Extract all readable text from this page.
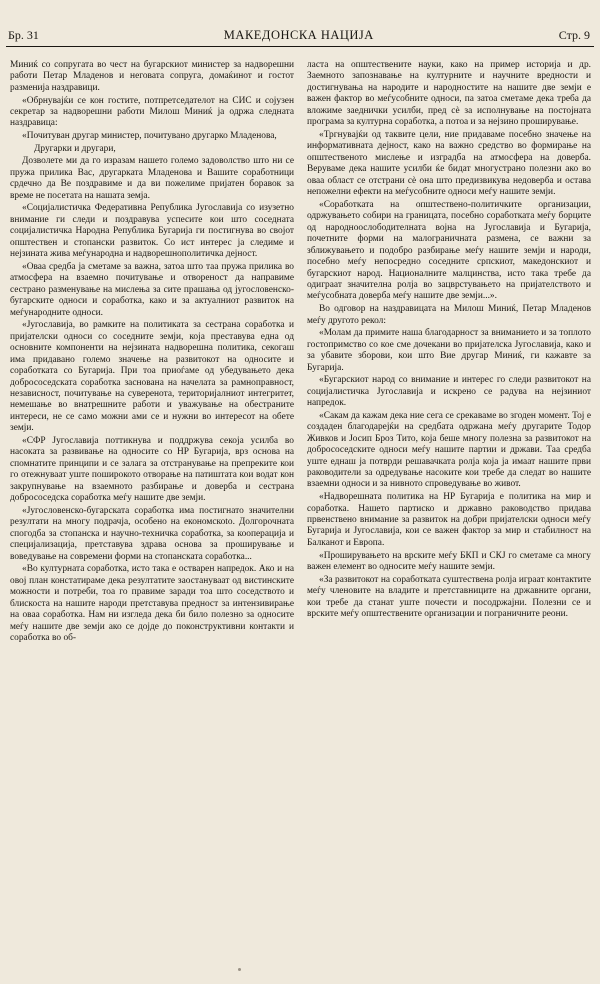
Бр. 31	МАКЕДОНСКА НАЦИЈА	Стр. 9

Миниќ со сопругата во чест на бугарскиот министер за надворешни работи Петар Младенов и неговата сопруга, домаќинот и гостот разменија наздравици.

«Обрнувајќи се кон гостите, потпретседателот на СИС и сојузен секретар за надворешни работи Милош Миниќ ја одржа следната наздравица:

«Почитуван другар министер, почитувано другарко Младенова,

Другарки и другари,

Дозволете ми да го изразам нашето големо задоволство што ни се пружа прилика Вас, другарката Младенова и Вашите соработници срдечно да Ве поздравиме и да ви пожелиме пријатен боравок за време не посетата на нашата земја.

«Социјалистичка Федеративна Република Југославија со изузетно внимание ги следи и поздравува успесите кои што соседната социјалистичка Народна Република Бугарија ги постигнува во својот општествен и стопански развиток. Со ист интерес ја следиме и нејзината жива меѓународна и надворешнополитичка дејност.

«Оваа средба ја сметаме за важна, затоа што таа пружа прилика во атмосфера на взаемно почитување и отвореност да направиме сестрано разменување на мислења за сите прашања од југословенско-бугарските односи и соработка, како и за актуалниот развиток на меѓународните односи.

«Југославија, во рамките на политиката за сестрана соработка и пријателски односи со соседните земји, која преставува една од основните компоненти на нејзината надворешна политика, секогаш има придавано големо значење на развитокот на односите и соработката со Бугарија. При тоа приоѓаме од убедувањето дека добрососедската соработка заснована на начелата за рамноправност, независност, почитување на суверенота, територијалниот интегритет, немешање во внатрешните работи и уважување на обестраните интереси, не се само можни ами се и нужни во интересот на обете земји.

«СФР Југославија поттикнува и поддржува секоја усилба во насоката за развивање на односите со НР Бугарија, врз основа на спомнатите принципи и се залага за отстранување на препреките кои го отежнуваат уште поширокото отворање на патиштата кои водат кон закрупнување на взаемното разбирање и доверба и сестрана добрососедска соработка меѓу нашите две земји.

«Југословенско-бугарската соработка има постигнато значителни резултати на многу подрачја, особено на економскоto. Долгорочната спогодба за стопанска и научно-техничка соработка, за кооперација и специјализација, претставува здрава основа за проширување и воведување на современи форми на стопанската соработка...

«Во културната соработка, исто така е остварен напредок. Ако и на овој план констатираме дека резултатите заостануваат од вистинските можности и потреби, тоа го правиме заради тоа што соседството и блискоста на нашите народи претставува предност за интензивирање на оваа соработка. Нам ни изгледа дека би било полезно за односите меѓу нашите две земји ако се дојде до поконструктивни контакти и соработка во об-

ласта на општествените науки, како на пример историја и др. Заемното запознавање на културните и научните вредности и достигнувања на народите и народностите на нашите две земји е важен фактор во меѓусобните односи, па затоа сметаме дека треба да вложиме заеднички усилби, пред сè за исполнување на постојната програма за културна соработка, а потоа и за нејзино проширување.

«Тргнувајќи од таквите цели, ние придаваме посебно значење на информативната дејност, како на важно средство во формирање на општественото мислење и изградба на атмосфера на доверба. Веруваме дека нашите усилби ќе бидат многустрано полезни ако во оваа област се отстрани сè она што предизвикува недоверба и остава непожелни ефекти на меѓусобните односи меѓу нашите земји.

«Соработката на општествено-политичките организации, одржувањето собири на границата, посебно соработката меѓу борците од народноослободителната војна на Југославија и Бугарија, почетните форми на малограничната размена, се важни за зближувањето и подобро разбирање меѓу нашите земји и народи, посебно меѓу непосредно соседните српскиот, македонскиот и бугарскиот народ. Националните малцинства, исто така требе да одиграат значителна ролја во зацврстувањето на пријателството и меѓусобната доверба меѓу нашите две земји...».

Во одговор на наздравицата на Милош Миниќ, Петар Младенов меѓу другото рекол:

«Молам да примите наша благодарност за вниманието и за топлото гостопримство со кое сме дочекани во пријателска Југославија, како и за убавите зборови, кои што Вие другар Миниќ, ги кажавте за Бугарија.

«Бугарскиот народ со внимание и интерес го следи развитокот на социјалистичка Југославија и искрено се радува на нејзиниот напредок.

«Сакам да кажам дека ние сега се срекаваме во згоден момент. Тој е создаден благодарејќи на средбата одржана меѓу другарите Тодор Живков и Јосип Броз Тито, која беше многу полезна за развитокот на добрососедските односи меѓу нашите партии и држави. Таа средба уште еднаш ја потврди решавачката ролја која ја имаат нашите први раководители за одредување насоките кои требе да следат во нашите взаемни односи и за нивното спроведување во живот.

«Надворешната политика на НР Бугарија е политика на мир и соработка. Нашето партиско и државно раководство придава првенствено внимание за развиток на добри пријателски односи меѓу Бугарија и Југославија, кои се важен фактор за мир и стабилност на Балканот и Европа.

«Проширувањето на врските меѓу БКП и СКЈ го сметаме са многу важен елемент во односите меѓу нашите земји.

«За развитокот на соработката суштествена ролја играат контактите меѓу членовите на владите и претставниците на државните органи, кои требе да станат уште почести и посодржајни. Полезни се и врските меѓу општествените организации и пограничните реони.
